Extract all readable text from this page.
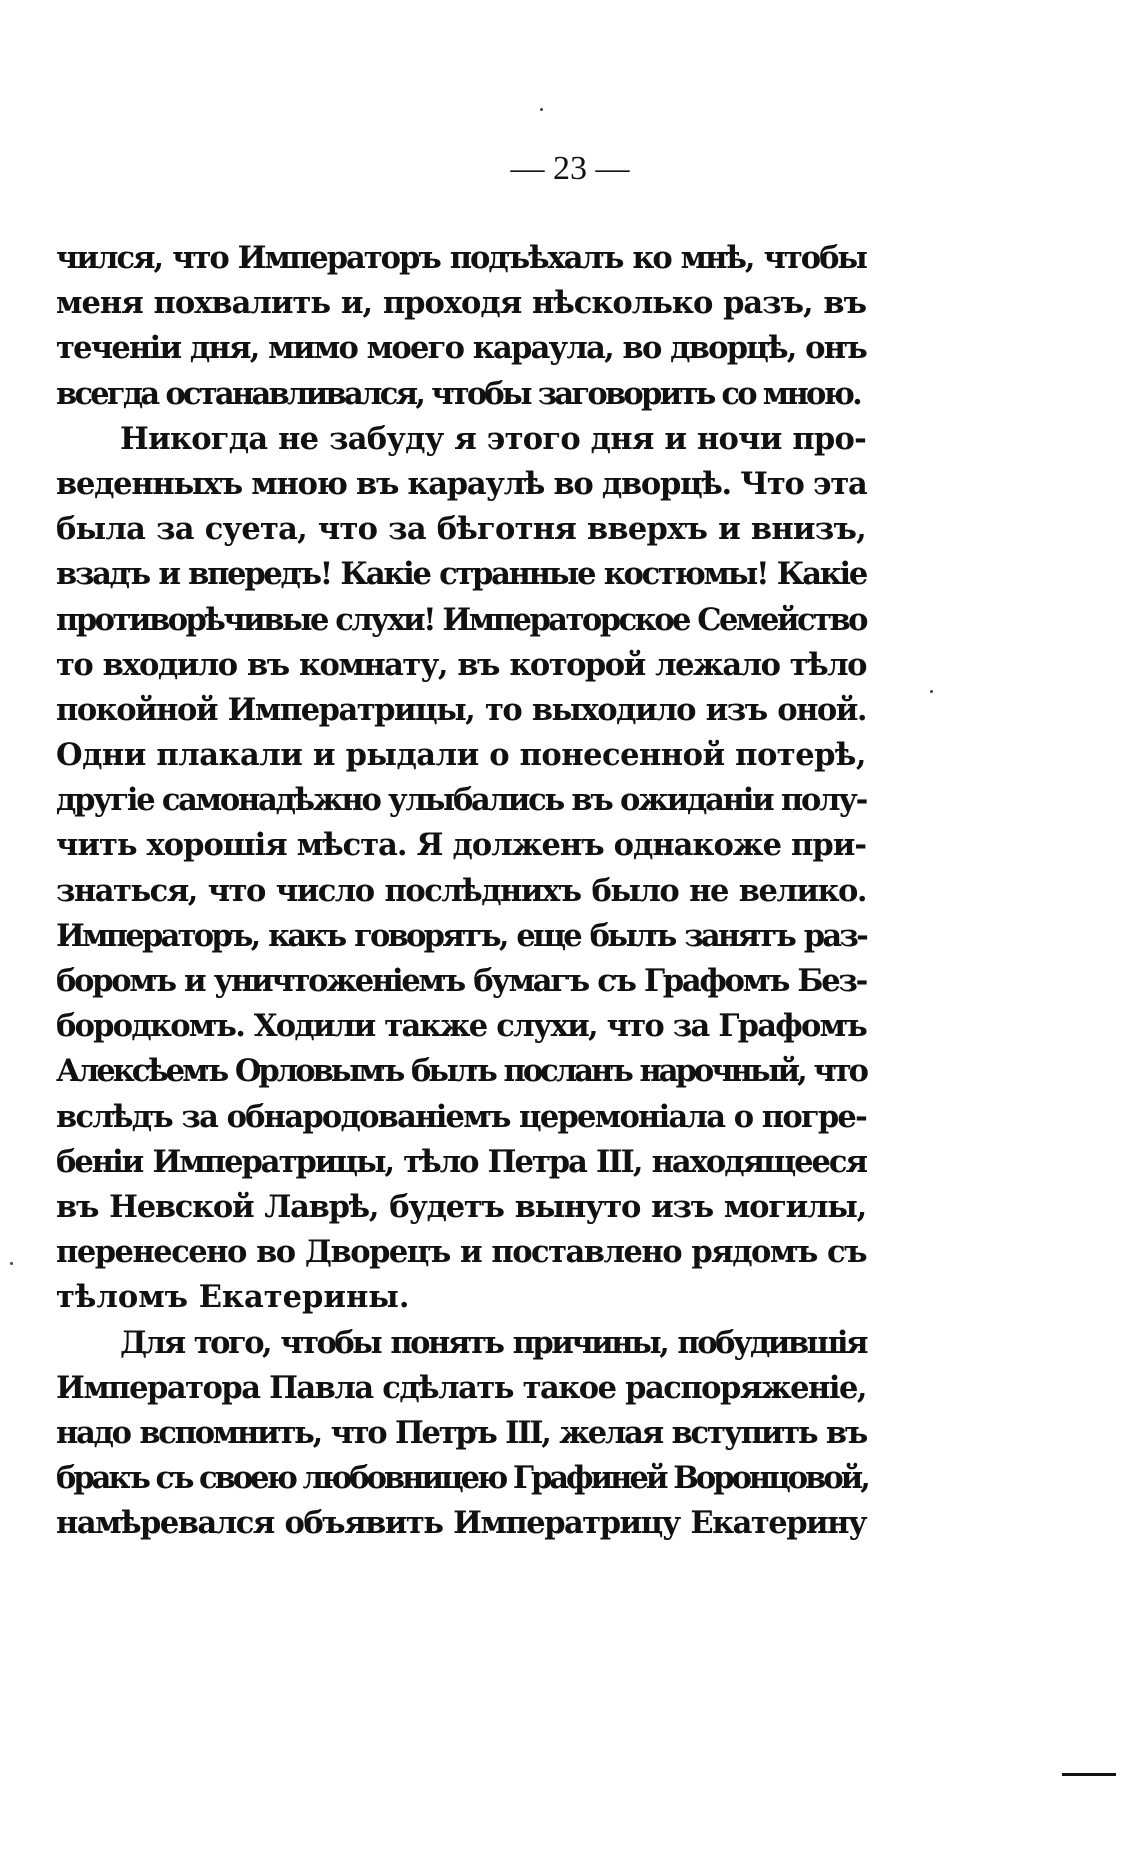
— 23 —
чился, что Императоръ подъѣхалъ ко мнѣ, чтобы
меня похвалить и, проходя нѣсколько разъ, въ
теченіи дня, мимо моего караула, во дворцѣ, онъ
всегда останавливался, чтобы заговорить со мною.
Никогда не забуду я этого дня и ночи про-
веденныхъ мною въ караулѣ во дворцѣ. Что эта
была за суета, что за бѣготня вверхъ и внизъ,
взадъ и впередъ! Какіе странные костюмы! Какіе
противорѣчивые слухи! Императорское Семейство
то входило въ комнату, въ которой лежало тѣло
покойной Императрицы, то выходило изъ оной.
Одни плакали и рыдали о понесенной потерѣ,
другіе самонадѣжно улыбались въ ожиданіи полу-
чить хорошія мѣста. Я долженъ однакоже при-
знаться, что число послѣднихъ было не велико.
Императоръ, какъ говорятъ, еще былъ занятъ раз-
боромъ и уничтоженіемъ бумагъ съ Графомъ Без-
бородкомъ. Ходили также слухи, что за Графомъ
Алексѣемъ Орловымъ былъ посланъ нарочный, что
вслѣдъ за обнародованіемъ церемоніала о погре-
беніи Императрицы, тѣло Петра III, находящееся
въ Невской Лаврѣ, будетъ вынуто изъ могилы,
перенесено во Дворецъ и поставлено рядомъ съ
тѣломъ Екатерины.
Для того, чтобы понять причины, побудившія
Императора Павла сдѣлать такое распоряженіе,
надо вспомнить, что Петръ III, желая вступить въ
бракъ съ своею любовницею Графиней Воронцовой,
намѣревался объявить Императрицу Екатерину
